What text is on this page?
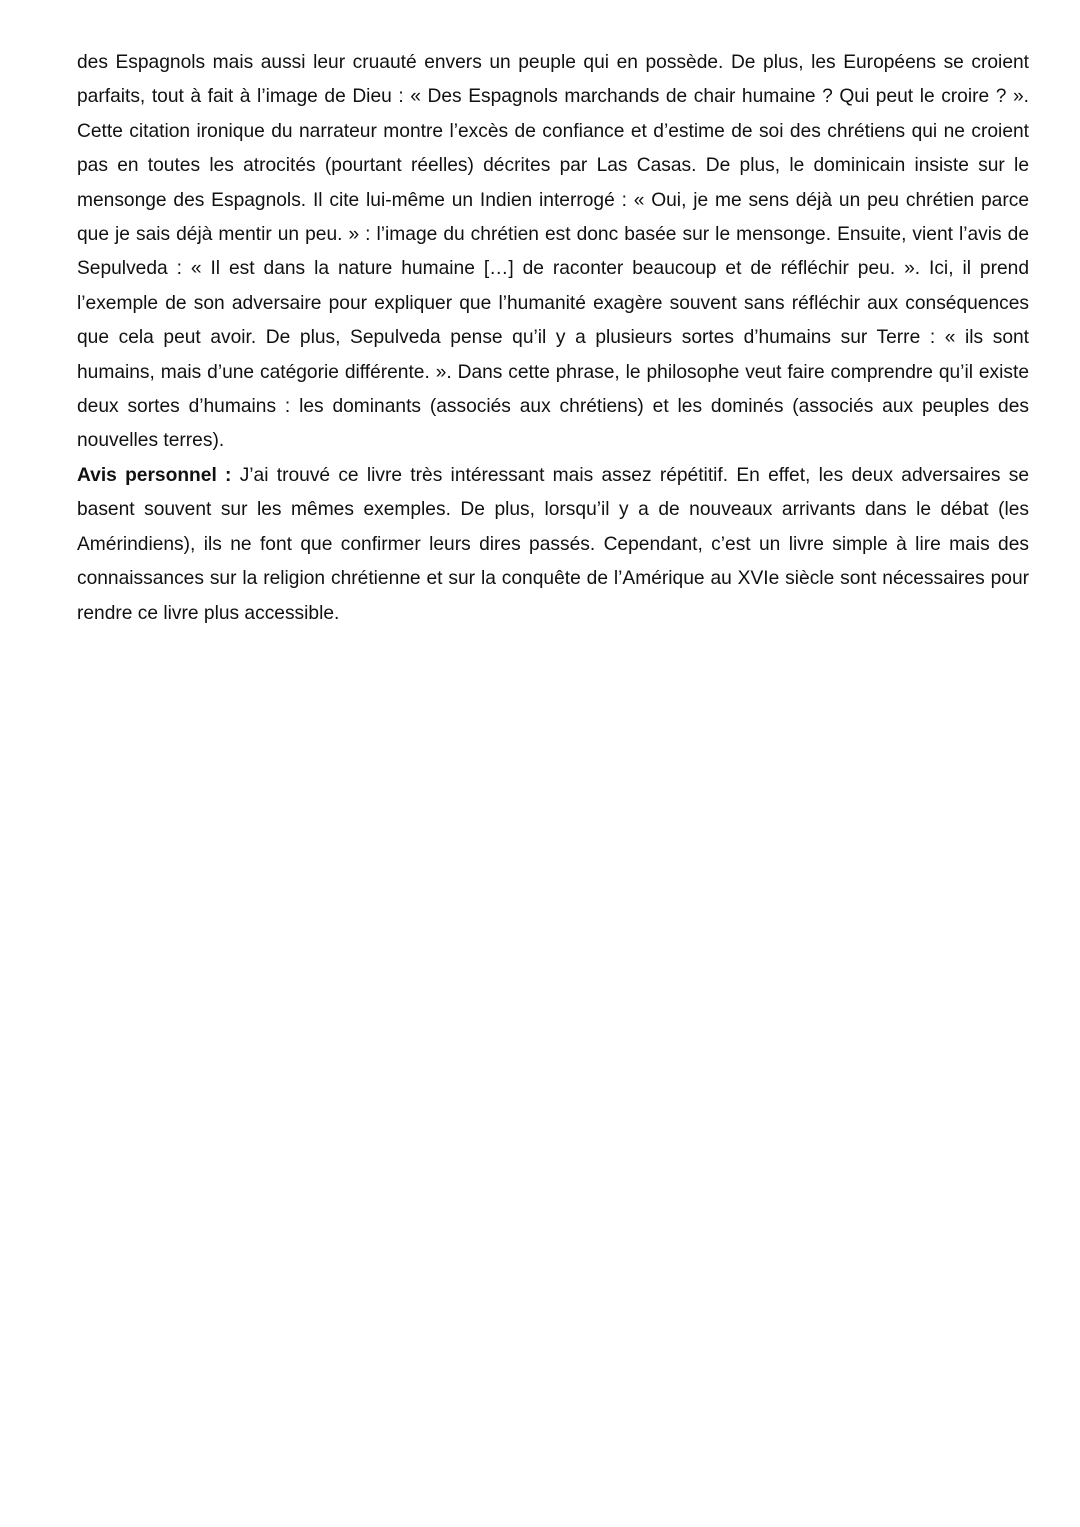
des Espagnols mais aussi leur cruauté envers un peuple qui en possède. De plus, les Européens se croient parfaits, tout à fait à l’image de Dieu : « Des Espagnols marchands de chair humaine ? Qui peut le croire ? ». Cette citation ironique du narrateur montre l’excès de confiance et d’estime de soi des chrétiens qui ne croient pas en toutes les atrocités (pourtant réelles) décrites par Las Casas. De plus, le dominicain insiste sur le mensonge des Espagnols. Il cite lui-même un Indien interrogé : « Oui, je me sens déjà un peu chrétien parce que je sais déjà mentir un peu. » : l’image du chrétien est donc basée sur le mensonge. Ensuite, vient l’avis de Sepulveda : « Il est dans la nature humaine […] de raconter beaucoup et de réfléchir peu. ». Ici, il prend l’exemple de son adversaire pour expliquer que l’humanité exagère souvent sans réfléchir aux conséquences que cela peut avoir. De plus, Sepulveda pense qu’il y a plusieurs sortes d’humains sur Terre : « ils sont humains, mais d’une catégorie différente. ». Dans cette phrase, le philosophe veut faire comprendre qu’il existe deux sortes d’humains : les dominants (associés aux chrétiens) et les dominés (associés aux peuples des nouvelles terres).

Avis personnel : J’ai trouvé ce livre très intéressant mais assez répétitif. En effet, les deux adversaires se basent souvent sur les mêmes exemples. De plus, lorsqu’il y a de nouveaux arrivants dans le débat (les Amérindiens), ils ne font que confirmer leurs dires passés. Cependant, c’est un livre simple à lire mais des connaissances sur la religion chrétienne et sur la conquête de l’Amérique au XVIe siècle sont nécessaires pour rendre ce livre plus accessible.
